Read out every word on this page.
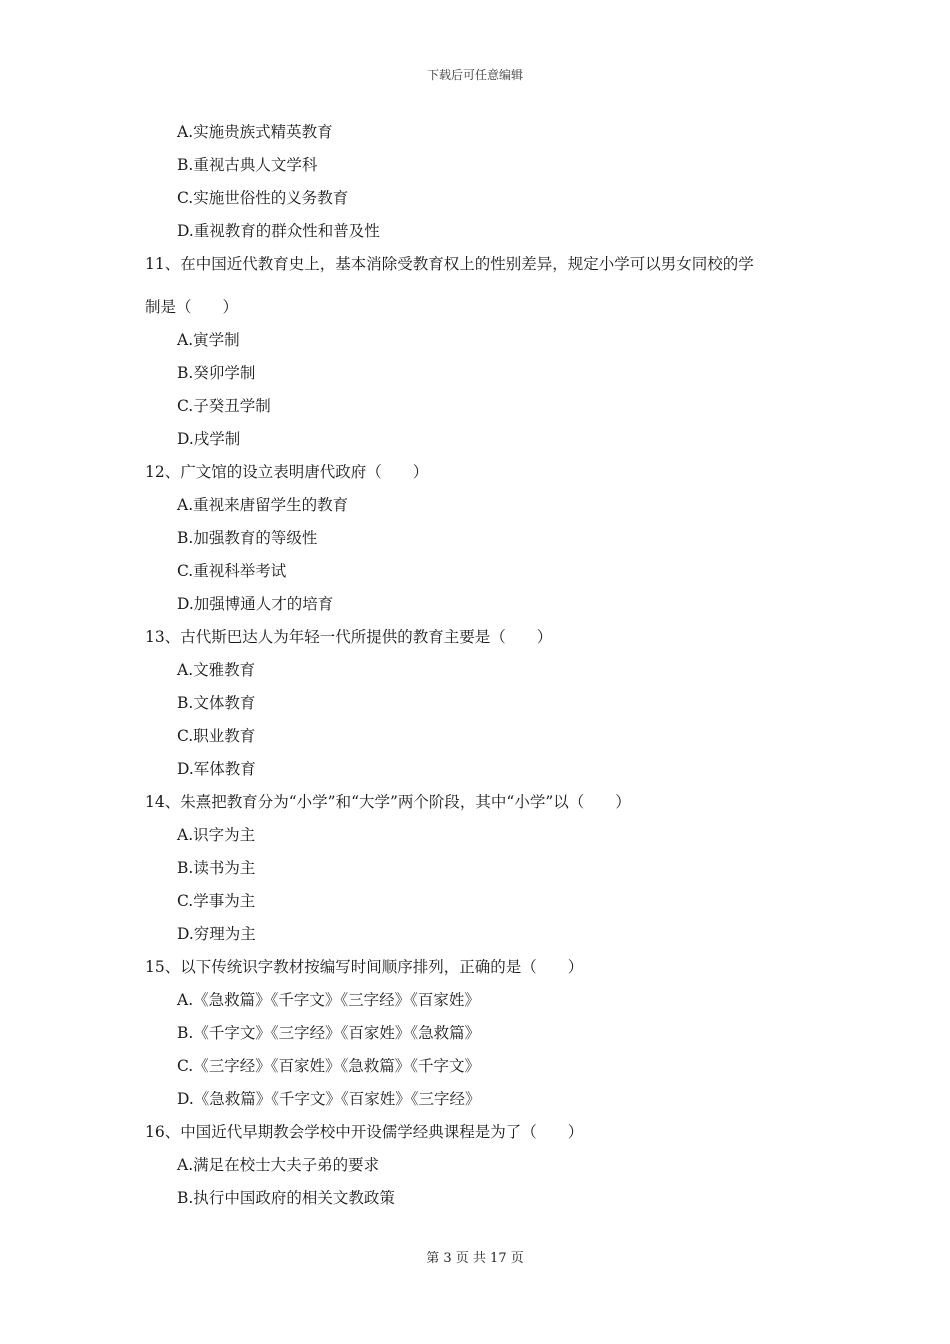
下载后可任意编辑
A.实施贵族式精英教育
B.重视古典人文学科
C.实施世俗性的义务教育
D.重视教育的群众性和普及性
11、在中国近代教育史上，基本消除受教育权上的性别差异，规定小学可以男女同校的学
制是（　　）
A.寅学制
B.癸卯学制
C.子癸丑学制
D.戌学制
12、广文馆的设立表明唐代政府（　　）
A.重视来唐留学生的教育
B.加强教育的等级性
C.重视科举考试
D.加强博通人才的培育
13、古代斯巴达人为年轻一代所提供的教育主要是（　　）
A.文雅教育
B.文体教育
C.职业教育
D.军体教育
14、朱熹把教育分为“小学”和“大学”两个阶段，其中“小学”以（　　）
A.识字为主
B.读书为主
C.学事为主
D.穷理为主
15、以下传统识字教材按编写时间顺序排列，正确的是（　　）
A.《急救篇》《千字文》《三字经》《百家姓》
B.《千字文》《三字经》《百家姓》《急救篇》
C.《三字经》《百家姓》《急救篇》《千字文》
D.《急救篇》《千字文》《百家姓》《三字经》
16、中国近代早期教会学校中开设儒学经典课程是为了（　　）
A.满足在校士大夫子弟的要求
B.执行中国政府的相关文教政策
第 3 页 共 17 页
